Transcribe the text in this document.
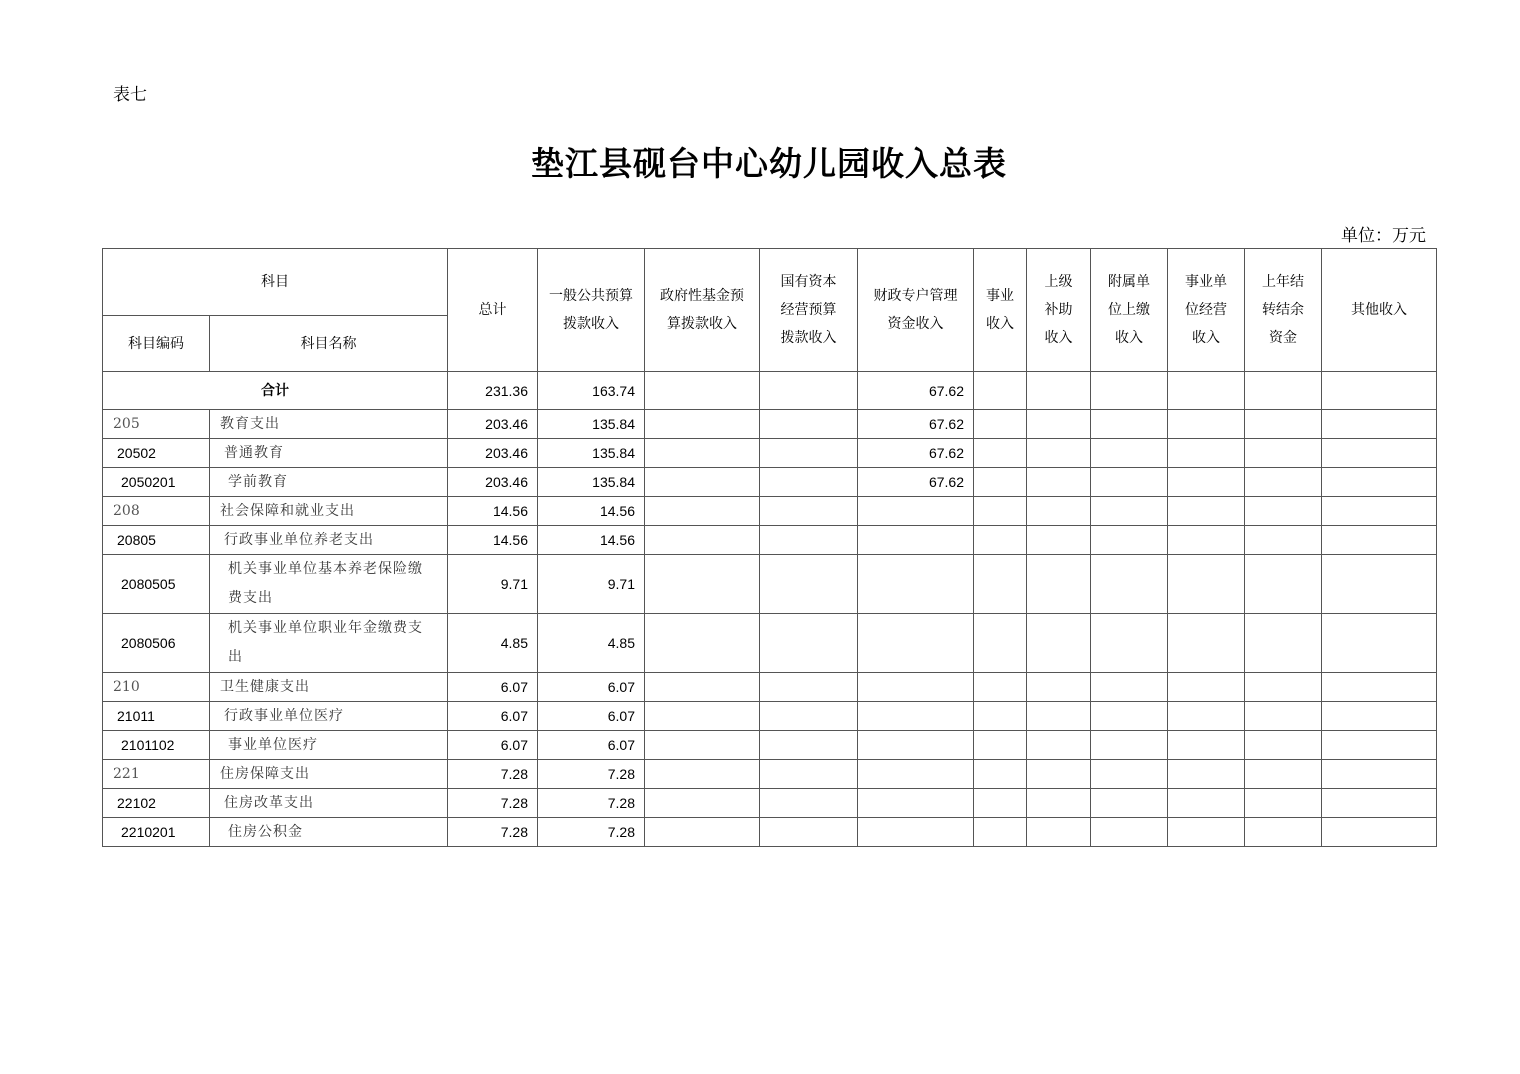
表七
垫江县砚台中心幼儿园收入总表
单位：万元
科目		总计	一般公共预算拨款收入	政府性基金预算拨款收入	国有资本经营预算拨款收入	财政专户管理资金收入	事业收入	上级补助收入	附属单位上缴收入	事业单位经营收入	上年结转结余资金	其他收入
科目编码	科目名称											
合计		231.36	163.74			67.62						
205	教育支出	203.46	135.84			67.62						
20502	普通教育	203.46	135.84			67.62						
2050201	学前教育	203.46	135.84			67.62						
208	社会保障和就业支出	14.56	14.56									
20805	行政事业单位养老支出	14.56	14.56									
2080505	机关事业单位基本养老保险缴费支出	9.71	9.71									
2080506	机关事业单位职业年金缴费支出	4.85	4.85									
210	卫生健康支出	6.07	6.07									
21011	行政事业单位医疗	6.07	6.07									
2101102	事业单位医疗	6.07	6.07									
221	住房保障支出	7.28	7.28									
22102	住房改革支出	7.28	7.28									
2210201	住房公积金	7.28	7.28									
